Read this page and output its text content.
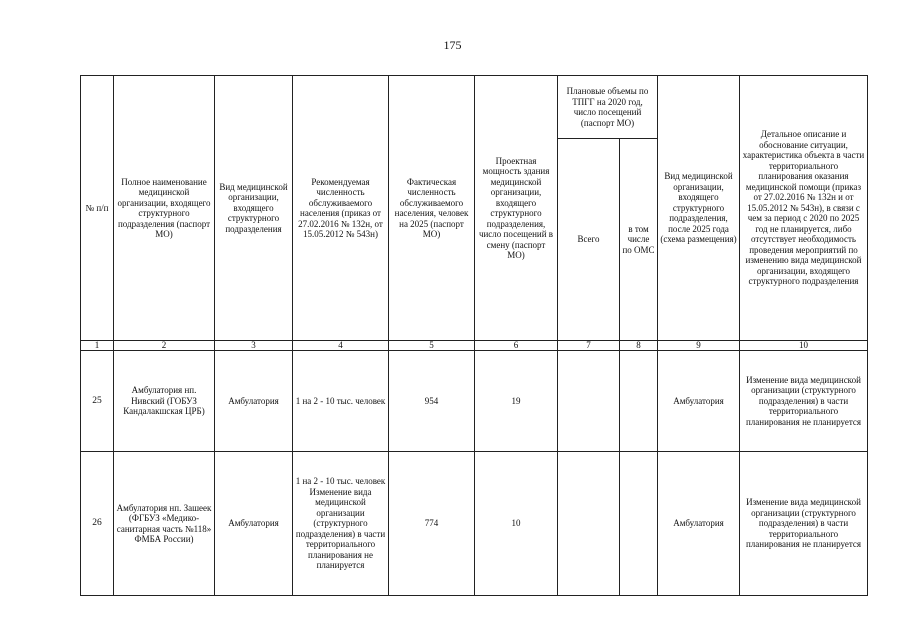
175
№ п/п	Полное наименование медицинской организации, входящего структурного подразделения (паспорт МО)	Вид медицинской организации, входящего структурного подразделения	Рекомендуемая численность обслуживаемого населения (приказ от 27.02.2016 № 132н, от 15.05.2012 № 543н)	Фактическая численность обслуживаемого населения, человек на 2025 (паспорт МО)	Проектная мощность здания медицинской организации, входящего структурного подразделения, число посещений в смену (паспорт МО)	Плановые объемы по ТПГГ на 2020 год, число посещений (паспорт МО)		Вид медицинской организации, входящего структурного подразделения, после 2025 года (схема размещения)	Детальное описание и обоснование ситуации, характеристика объекта в части территориального планирования оказания медицинской помощи (приказ от 27.02.2016 № 132н и от 15.05.2012 № 543н), в связи с чем за период с 2020 по 2025 год не планируется, либо отсутствует необходимость проведения мероприятий по изменению вида медицинской организации, входящего структурного подразделения
						Всего	в том числе по ОМС		
1	2	3	4	5	6	7	8	9	10
25	Амбулатория нп. Нивский (ГОБУЗ Кандалакшская ЦРБ)	Амбулатория	1 на 2 - 10 тыс. человек	954	19			Амбулатория	Изменение вида медицинской организации (структурного подразделения) в части территориального планирования не планируется
26	Амбулатория нп. Зашеек (ФГБУЗ «Медико-санитарная часть №118» ФМБА России)	Амбулатория	1 на 2 - 10 тыс. человек Изменение вида медицинской организации (структурного подразделения) в части территориального планирования не планируется	774	10			Амбулатория	Изменение вида медицинской организации (структурного подразделения) в части территориального планирования не планируется
